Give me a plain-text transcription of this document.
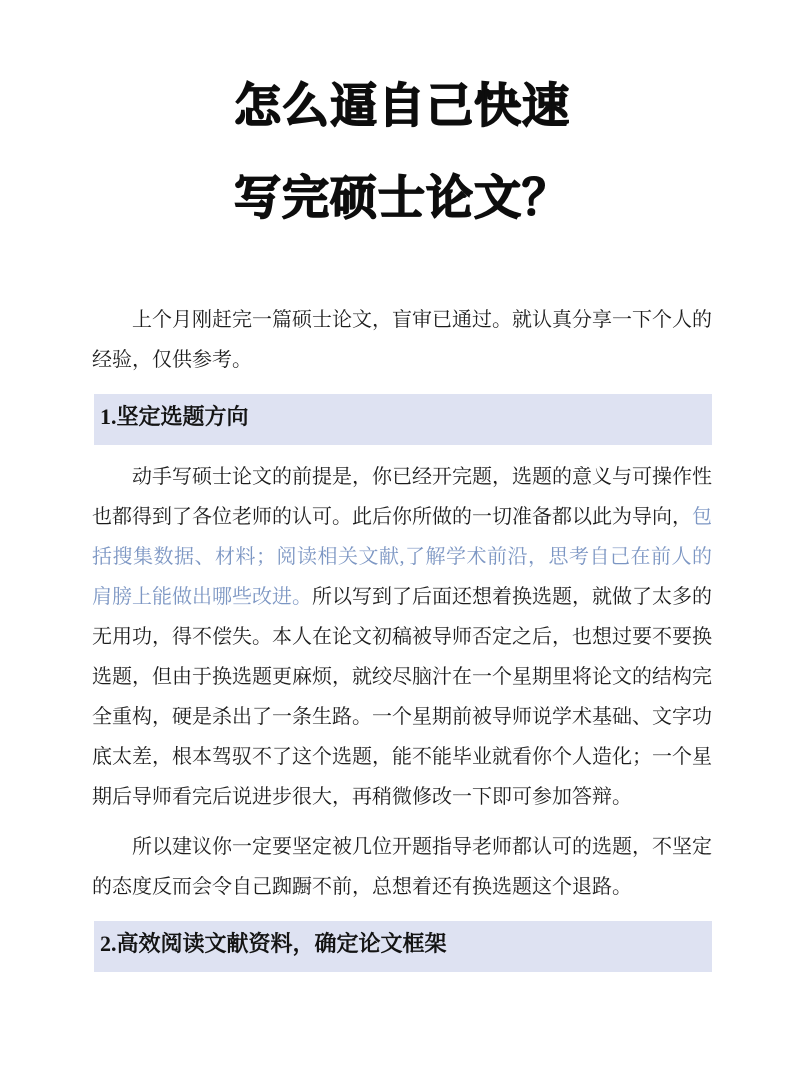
怎么逼自己快速
写完硕士论文？

上个月刚赶完一篇硕士论文，盲审已通过。就认真分享一下个人的经验，仅供参考。

1.坚定选题方向

动手写硕士论文的前提是，你已经开完题，选题的意义与可操作性也都得到了各位老师的认可。此后你所做的一切准备都以此为导向，包括搜集数据、材料；阅读相关文献,了解学术前沿，思考自己在前人的肩膀上能做出哪些改进。所以写到了后面还想着换选题，就做了太多的无用功，得不偿失。本人在论文初稿被导师否定之后，也想过要不要换选题，但由于换选题更麻烦，就绞尽脑汁在一个星期里将论文的结构完全重构，硬是杀出了一条生路。一个星期前被导师说学术基础、文字功底太差，根本驾驭不了这个选题，能不能毕业就看你个人造化；一个星期后导师看完后说进步很大，再稍微修改一下即可参加答辩。

所以建议你一定要坚定被几位开题指导老师都认可的选题，不坚定的态度反而会令自己踟蹰不前，总想着还有换选题这个退路。

2.高效阅读文献资料，确定论文框架
